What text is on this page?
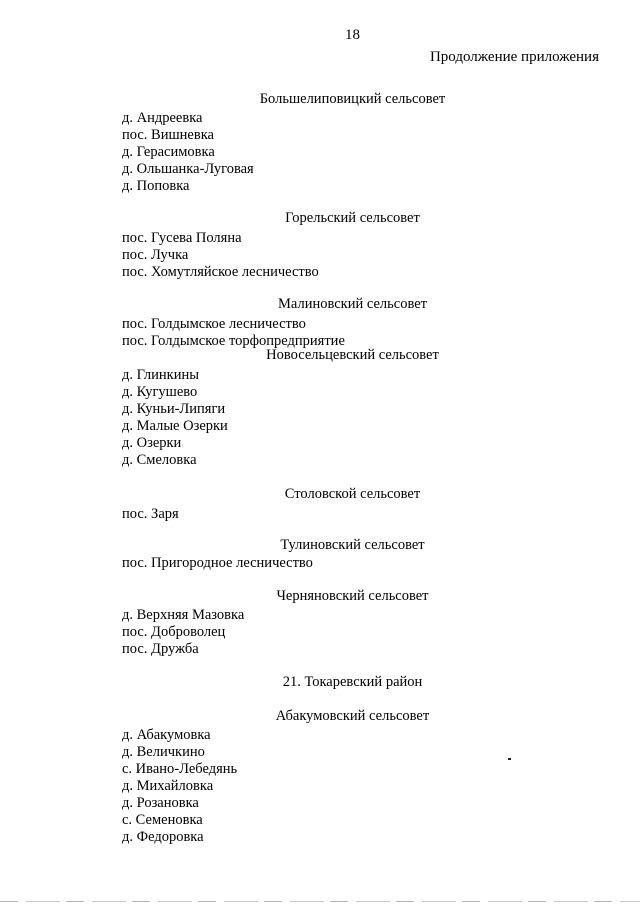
18
Продолжение приложения
Большелиповицкий сельсовет
д. Андреевка
пос. Вишневка
д. Герасимовка
д. Ольшанка-Луговая
д. Поповка
Горельский сельсовет
пос. Гусева Поляна
пос. Лучка
пос. Хомутляйское лесничество
Малиновский сельсовет
пос. Голдымское лесничество
пос. Голдымское торфопредприятие
Новосельцевский сельсовет
д. Глинкины
д. Кугушево
д. Куньи-Липяги
д. Малые Озерки
д. Озерки
д. Смеловка
Столовской сельсовет
пос. Заря
Тулиновский сельсовет
пос. Пригородное лесничество
Черняновский сельсовет
д. Верхняя Мазовка
пос. Доброволец
пос. Дружба
21. Токаревский район
Абакумовский сельсовет
д. Абакумовка
д. Величкино
с. Ивано-Лебедянь
д. Михайловка
д. Розановка
с. Семеновка
д. Федоровка
